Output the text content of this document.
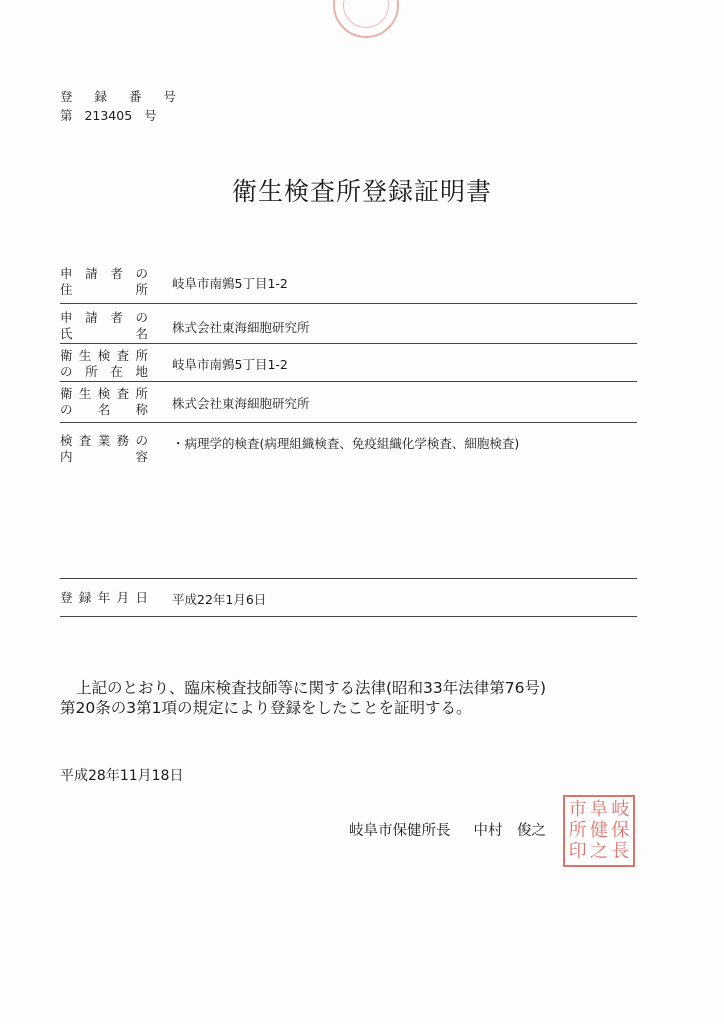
登 録 番 号
第 213405 号
衛生検査所登録証明書
申 請 者 の
住	所 岐阜市南鶉5丁目1-2
申 請 者 の
氏	名 株式会社東海細胞研究所
衛 生 検 査 所
の 所 在 地 岐阜市南鶉5丁目1-2
衛 生 検 査 所
の 名 称 株式会社東海細胞研究所
検 査 業 務 の
内	容
・病理学的検査(病理組織検査、免疫組織化学検査、細胞検査)
登 録 年 月 日 平成22年1月6日
上記のとおり、臨床検査技師等に関する法律(昭和33年法律第76号)
第20条の3第1項の規定により登録をしたことを証明する。
平成28年11月18日
岐阜市保健所長 中村　俊之
市 阜 岐
所 健 保
印 之 長
